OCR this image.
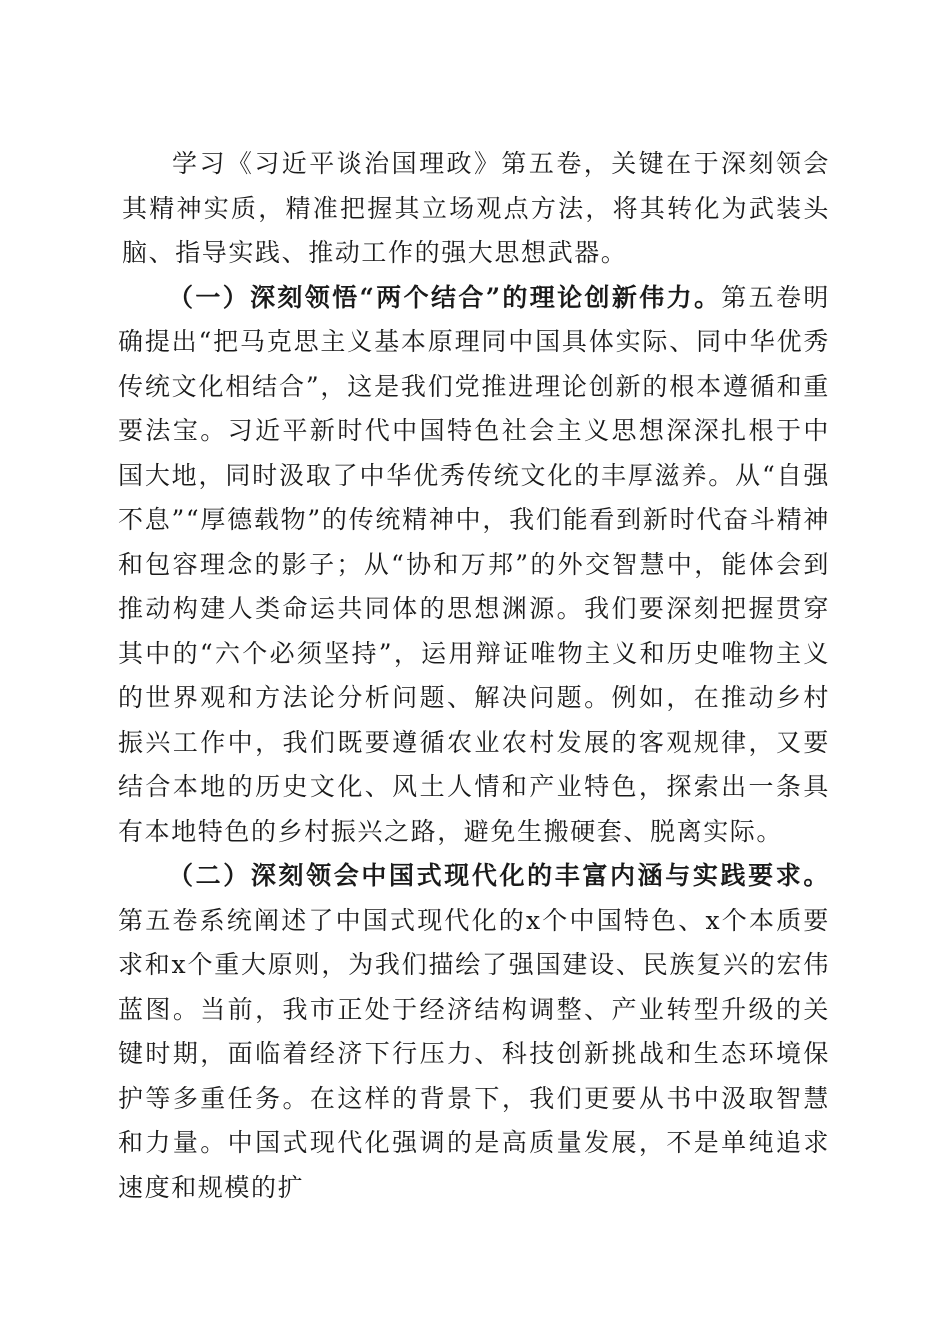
学习《习近平谈治国理政》第五卷，关键在于深刻领会其精神实质，精准把握其立场观点方法，将其转化为武装头脑、指导实践、推动工作的强大思想武器。

（一）深刻领悟“两个结合”的理论创新伟力。第五卷明确提出“把马克思主义基本原理同中国具体实际、同中华优秀传统文化相结合”，这是我们党推进理论创新的根本遵循和重要法宝。习近平新时代中国特色社会主义思想深深扎根于中国大地，同时汲取了中华优秀传统文化的丰厚滋养。从“自强不息”“厚德载物”的传统精神中，我们能看到新时代奋斗精神和包容理念的影子；从“协和万邦”的外交智慧中，能体会到推动构建人类命运共同体的思想渊源。我们要深刻把握贯穿其中的“六个必须坚持”，运用辩证唯物主义和历史唯物主义的世界观和方法论分析问题、解决问题。例如，在推动乡村振兴工作中，我们既要遵循农业农村发展的客观规律，又要结合本地的历史文化、风土人情和产业特色，探索出一条具有本地特色的乡村振兴之路，避免生搬硬套、脱离实际。

（二）深刻领会中国式现代化的丰富内涵与实践要求。第五卷系统阐述了中国式现代化的x个中国特色、x个本质要求和x个重大原则，为我们描绘了强国建设、民族复兴的宏伟蓝图。当前，我市正处于经济结构调整、产业转型升级的关键时期，面临着经济下行压力、科技创新挑战和生态环境保护等多重任务。在这样的背景下，我们更要从书中汲取智慧和力量。中国式现代化强调的是高质量发展，不是单纯追求速度和规模的扩
